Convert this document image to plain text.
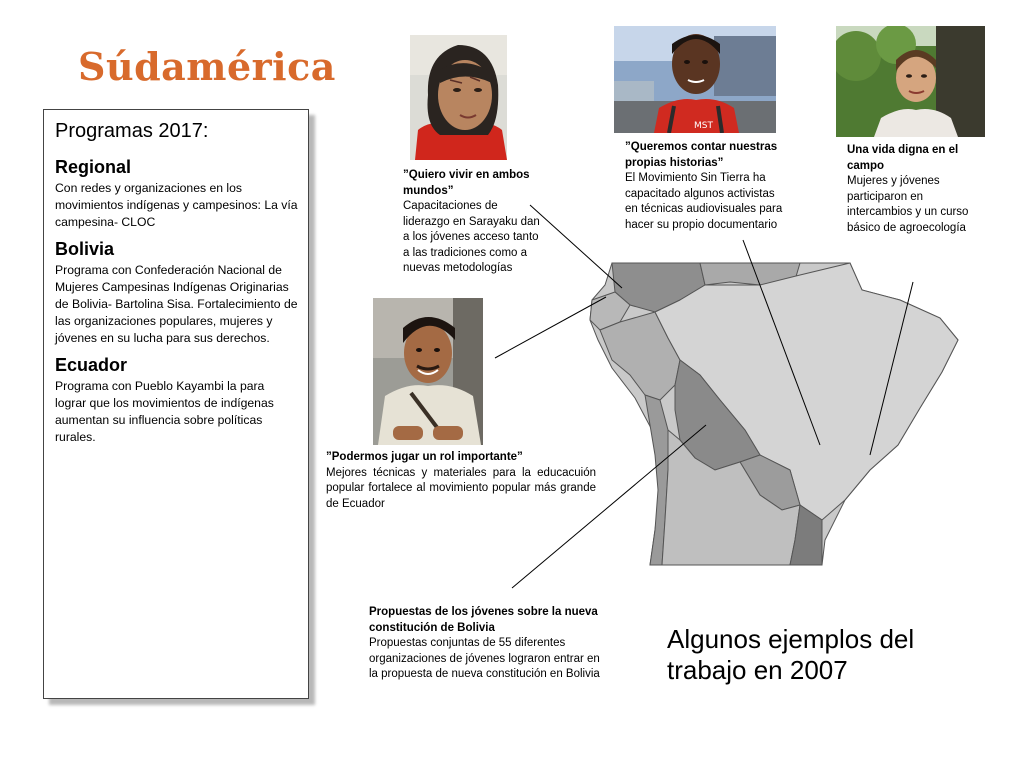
Súdamérica
Programas 2017:
Regional
Con redes y organizaciones en los movimientos indígenas y campesinos: La vía campesina- CLOC
Bolivia
Programa con Confederación Nacional de Mujeres Campesinas Indígenas Originarias de Bolivia- Bartolina Sisa. Fortalecimiento de las organizaciones populares, mujeres y jóvenes en su lucha para sus derechos.
Ecuador
Programa con Pueblo Kayambi la para lograr que los movimientos de indígenas aumentan su influencia sobre políticas rurales.
MST
”Quiero vivir en ambos mundos”
Capacitaciones de liderazgo en Sarayaku dan a los jóvenes acceso tanto a las tradiciones como a nuevas metodologías
”Queremos contar nuestras propias historias”
El Movimiento Sin Tierra ha capacitado algunos activistas en técnicas audiovisuales para hacer su propio documentario
Una vida digna en el campo
Mujeres y jóvenes participaron en intercambios y un curso básico de agroecología
”Podermos jugar un rol importante”
Mejores técnicas y materiales para la educacuión popular fortalece al movimiento popular más grande de Ecuador
Propuestas de los jóvenes sobre la nueva constitución de Bolivia
Propuestas conjuntas de 55 diferentes organizaciones de jóvenes lograron entrar en la propuesta de nueva constitución en Bolivia
Algunos ejemplos del trabajo en 2007
